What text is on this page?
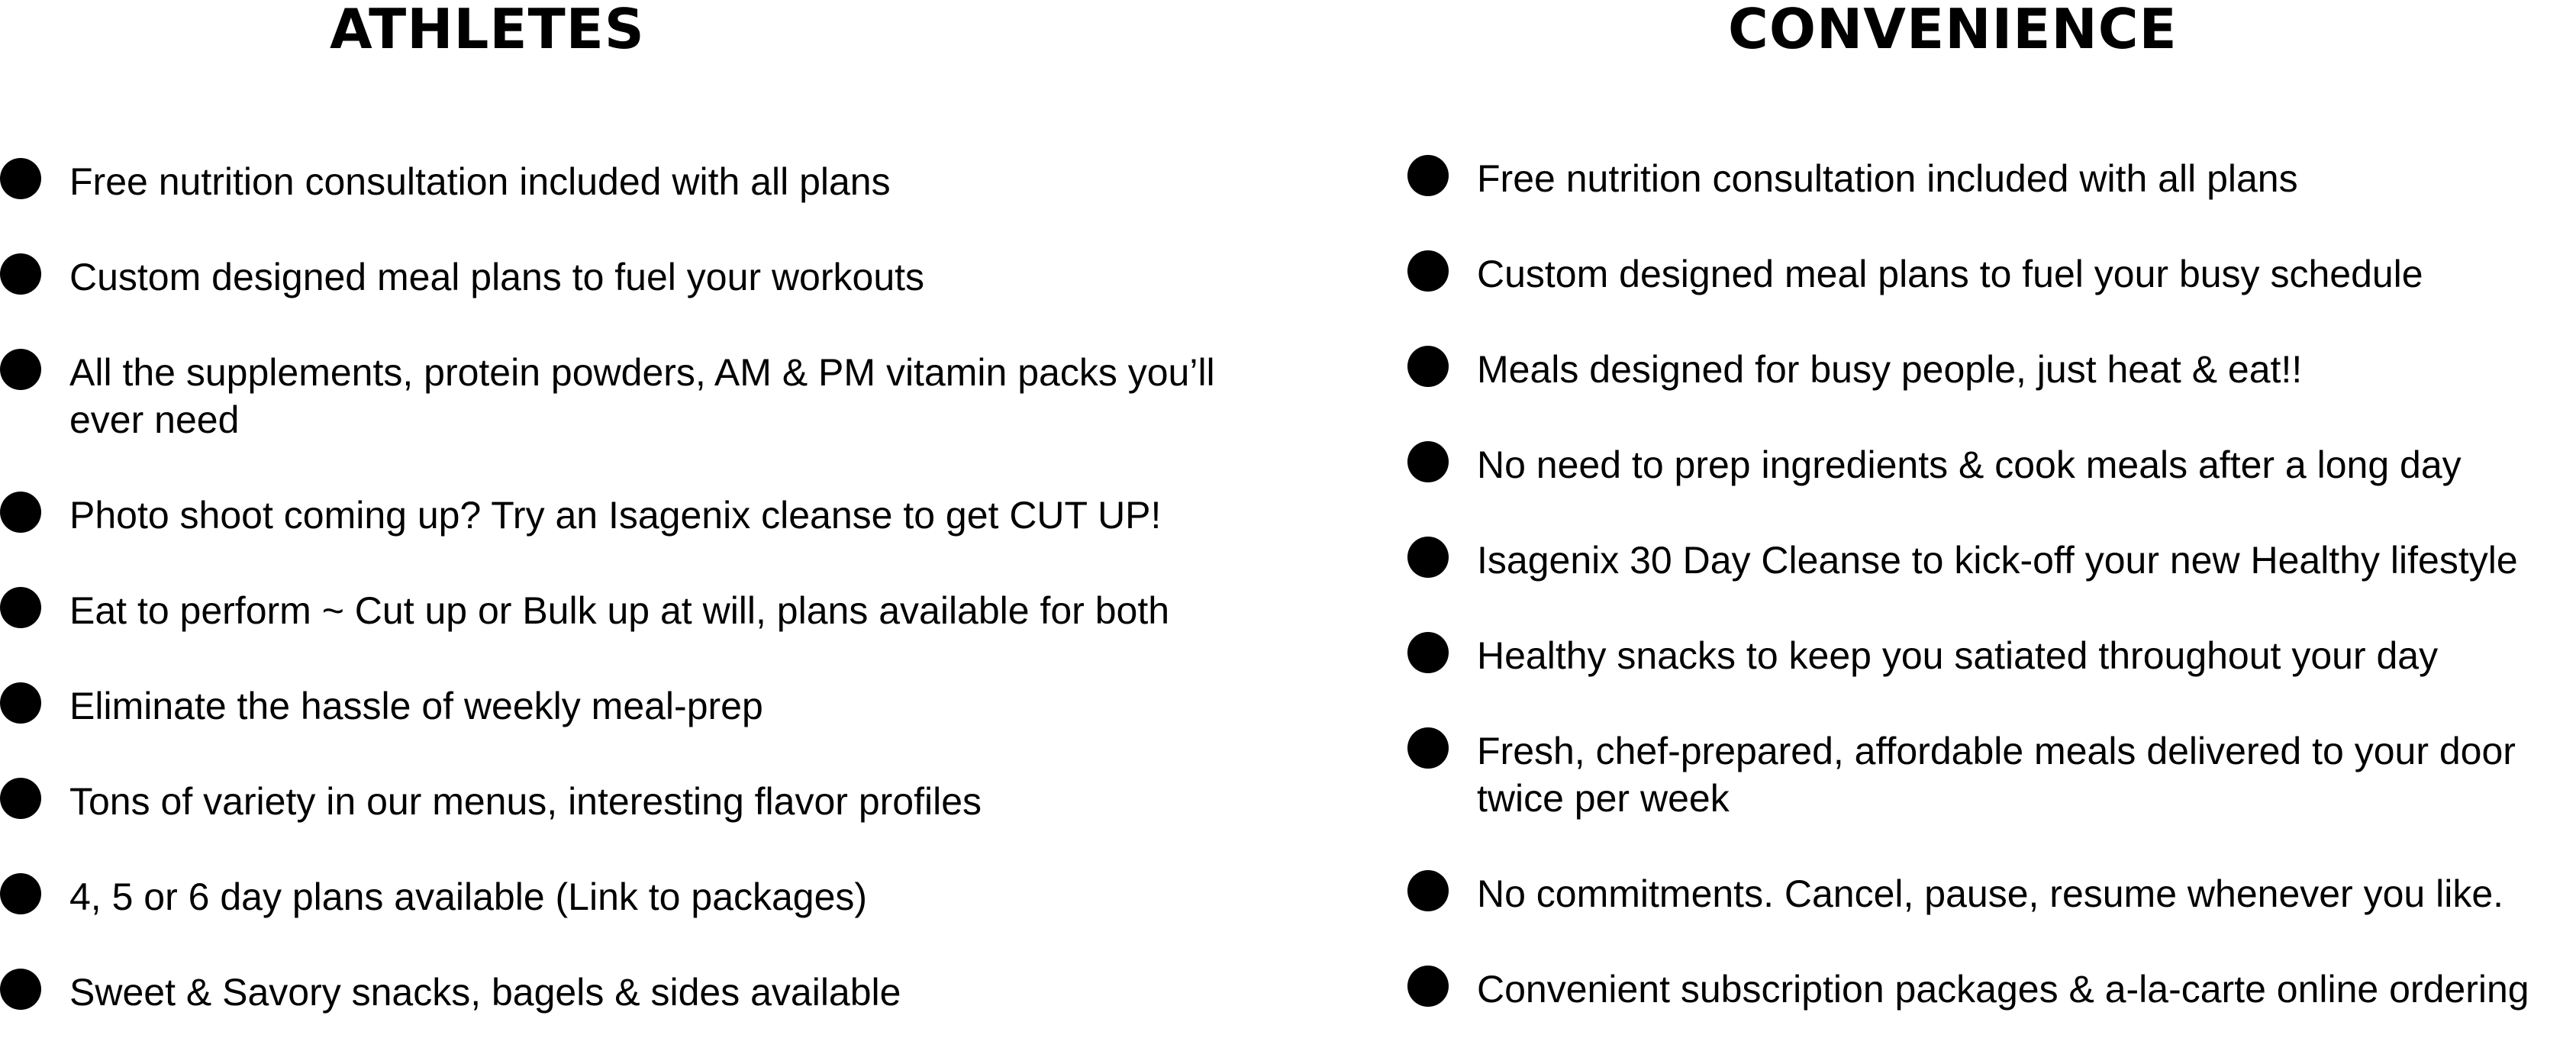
ATHLETES
Free nutrition consultation included with all plans
Custom designed meal plans to fuel your workouts
All the supplements, protein powders, AM & PM vitamin packs you’ll ever need
Photo shoot coming up? Try an Isagenix cleanse to get CUT UP!
Eat to perform ~ Cut up or Bulk up at will, plans available for both
Eliminate the hassle of weekly meal-prep
Tons of variety in our menus, interesting flavor profiles
4, 5 or 6 day plans available (Link to packages)
Sweet & Savory snacks, bagels & sides available
CONVENIENCE
Free nutrition consultation included with all plans
Custom designed meal plans to fuel your busy schedule
Meals designed for busy people, just heat & eat!!
No need to prep ingredients & cook meals after a long day
Isagenix 30 Day Cleanse to kick-off your new Healthy lifestyle
Healthy snacks to keep you satiated throughout your day
Fresh, chef-prepared, affordable meals delivered to your door twice per week
No commitments. Cancel, pause, resume whenever you like.
Convenient subscription packages & a-la-carte online ordering
